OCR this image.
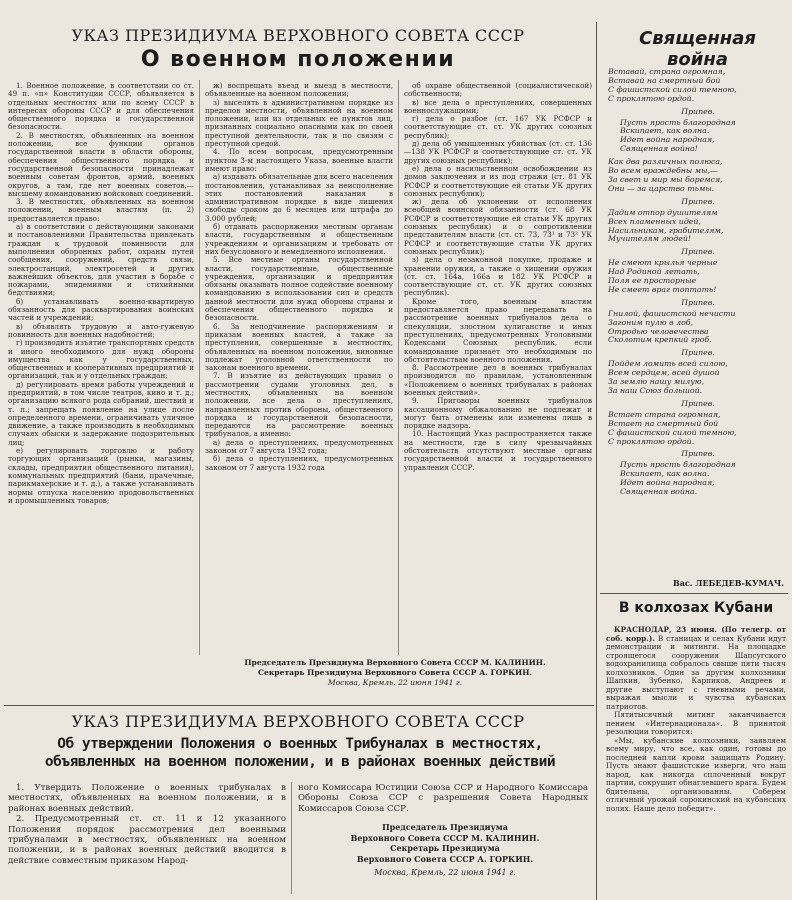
УКАЗ ПРЕЗИДИУМА ВЕРХОВНОГО СОВЕТА СССР
О военном положении

1. Военное положение, в соответствии со ст. 49 п. «п» Конституции СССР, объявляется в отдельных местностях или по всему СССР в интересах обороны СССР и для обеспечения общественного порядка и государственной безопасности.

2. В местностях, объявленных на военном положении, все функции органов государственной власти в области обороны, обеспечения общественного порядка и государственной безопасности принадлежат военным советам фронтов, армий, военных округов, а там, где нет военных советов,—высшему командованию войсковых соединений.

3. В местностях, объявленных на военном положении, военным властям (п. 2) предоставляется право:

а) в соответствии с действующими законами и постановлениями Правительства привлекать граждан к трудовой повинности для выполнения оборонных работ, охраны путей сообщения, сооружений, средств связи, электростанций, электросетей и других важнейших объектов, для участия в борьбе с пожарами, эпидемиями и стихийными бедствиями;

б) устанавливать военно-квартирную обязанность для расквартирования воинских частей и учреждений;

в) объявлять трудовую и авто-гужевую повинность для военных надобностей;

г) производить изъятие транспортных средств и иного необходимого для нужд обороны имущества как у государственных, общественных и кооперативных предприятий и организаций, так и у отдельных граждан;

д) регулировать время работы учреждений и предприятий, в том числе театров, кино и т. д.; организацию всякого рода собраний, шествий и т. п.; запрещать появление на улице после определенного времени, ограничивать уличное движение, а также производить в необходимых случаях обыски и задержание подозрительных лиц;

е) регулировать торговлю и работу торгующих организаций (рынки, магазины, склады, предприятия общественного питания), коммунальных предприятий (бани, прачечные, парикмахерские и т. д.), а также устанавливать нормы отпуска населению продовольственных и промышленных товаров;

ж) воспрещать въезд и выезд в местности, объявленные на военном положении;

з) выселять в административном порядке из пределов местности, объявленной на военном положении, или из отдельных ее пунктов лиц, признанных социально опасными как по своей преступной деятельности, так и по связям с преступной средой.

4. По всем вопросам, предусмотренным пунктом 3-м настоящего Указа, военные власти имеют право:

а) издавать обязательные для всего населения постановления, устанавливая за неисполнение этих постановлений наказания в административном порядке в виде лишения свободы сроком до 6 месяцев или штрафа до 3.000 рублей;

б) отдавать распоряжения местным органам власти, государственным и общественным учреждениям и организациям и требовать от них безусловного и немедленного исполнения.

5. Все местные органы государственной власти, государственные, общественные учреждения, организации и предприятия обязаны оказывать полное содействие военному командованию в использовании сил и средств данной местности для нужд обороны страны и обеспечения общественного порядка и безопасности.

6. За неподчинение распоряжениям и приказам военных властей, а также за преступления, совершенные в местностях, объявленных на военном положении, виновные подлежат уголовной ответственности по законам военного времени.

7. В изъятие из действующих правил о рассмотрении судами уголовных дел, в местностях, объявленных на военном положении, все дела о преступлениях, направленных против обороны, общественного порядка и государственной безопасности, передаются на рассмотрение военных трибуналов, а именно:

а) дела о преступлениях, предусмотренных законом от 7 августа 1932 года;

б) дела о преступлениях, предусмотренных законом от 7 августа 1932 года

об охране общественной (социалистической) собственности;

в) все дела о преступлениях, совершенных военнослужащими;

г) дела о разбое (ст. 167 УК РСФСР и соответствующие ст. ст. УК других союзных республик);

д) дела об умышленных убийствах (ст. ст. 136—138 УК РСФСР и соответствующие ст. ст. УК других союзных республик);

е) дела о насильственном освобождении из домов заключения и из под стражи (ст. 81 УК РСФСР и соответствующие ей статьи УК других союзных республик);

ж) дела об уклонении от исполнения всеобщей воинской обязанности (ст. 68 УК РСФСР и соответствующие ей статьи УК других союзных республик) и о сопротивлении представителям власти (ст. ст. 73, 73¹ и 73² УК РСФСР и соответствующие статьи УК других союзных республик);

з) дела о незаконной покупке, продаже и хранении оружия, а также о хищении оружия (ст. ст. 164а, 166а и 182 УК РСФСР и соответствующие ст. ст. УК других союзных республик).

Кроме того, военным властям предоставляется право передавать на рассмотрение военных трибуналов дела о спекуляции, злостном хулиганстве и иных преступлениях, предусмотренных Уголовными Кодексами Союзных республик, если командование признает это необходимым по обстоятельствам военного положения.

8. Рассмотрение дел в военных трибуналах производится по правилам, установленным «Положением о военных трибуналах в районах военных действий».

9. Приговоры военных трибуналов кассационному обжалованию не подлежат и могут быть отменены или изменены лишь в порядке надзора.

10. Настоящий Указ распространяется также на местности, где в силу чрезвычайных обстоятельств отсутствуют местные органы государственной власти и государственного управления СССР.

Председатель Президиума Верховного Совета СССР М. КАЛИНИН.
Секретарь Президиума Верховного Совета СССР А. ГОРКИН.
Москва, Кремль. 22 июня 1941 г.
УКАЗ ПРЕЗИДИУМА ВЕРХОВНОГО СОВЕТА СССР
Об утверждении Положения о военных Трибуналах в местностях, объявленных на военном положении, и в районах военных действий

1. Утвердить Положение о военных трибуналах в местностях, объявленных на военном положении, и в районах военных действий.

2. Предусмотренный ст. ст. 11 и 12 указанного Положения порядок рассмотрения дел военными трибуналами в местностях, объявленных на военном положении, и в районах военных действий вводится в действие совместным приказом Народ-

ного Комиссара Юстиции Союза ССР и Народного Комиссара Обороны Союза ССР с разрешения Совета Народных Комиссаров Союза ССР.

Председатель Президиума
Верховного Совета СССР М. КАЛИНИН.
Секретарь Президиума
Верховного Совета СССР А. ГОРКИН.
Москва, Кремль, 22 июня 1941 г.
Священная война
Вставай, страна огромная,
Вставай на смертный бой
С фашистской силой темною,
С проклятою ордой.
Припев.
Пусть ярость благородная
Вскипает, как волна.
Идет война народная,
Священная война!
Как два различных полюса,
Во всем враждебны мы,—
За свет и мир мы боремся,
Они — за царство тьмы.
Припев.
Дадим отпор душителям
Всех пламенных идей,
Насильникам, грабителям,
Мучителям людей!
Припев.
Не смеют крылья черные
Над Родиной летать,
Поля ее просторные
Не смеет враг топтать!
Припев.
Гнилой, фашистской нечисти
Загоним пулю в лоб,
Отродью человечества
Сколотим крепкий гроб.
Припев.
Пойдем ломить всей силою,
Всем сердцем, всей душой
За землю нашу милую,
За наш Союз большой.
Припев.
Встает страна огромная,
Встает на смертный бой
С фашистской силой темною,
С проклятою ордой.
Припев.
Пусть ярость благородная
Вскипает, как волна.
Идет война народная,
Священная война.
Вас. ЛЕБЕДЕВ-КУМАЧ.
В колхозах Кубани

КРАСНОДАР, 23 июня. (По телегр. от соб. корр.). В станицах и селах Кубани идут демонстрации и митинги. На площадке строящегося сооружения Шапсугского водохранилища собралось свыше пяти тысяч колхозников. Один за другим колхозники Шапкин, Зубенко, Карпиков, Андреев и другие выступают с гневными речами, выражая мысли и чувства кубанских патриотов.

Пятитысячный митинг заканчивается пением «Интернационала». В принятой резолюции говорится:

«Мы, кубанские колхозники, заявляем всему миру, что все, как один, готовы до последней капли крови защищать Родину. Пусть знают фашистские изверги, что наш народ, как никогда сплоченный вокруг партии, сокрушит обнаглевшего врага. Будем бдительны, организованны. Соберем отличный урожай сорокинский на кубанских полях. Наше дело победит».
